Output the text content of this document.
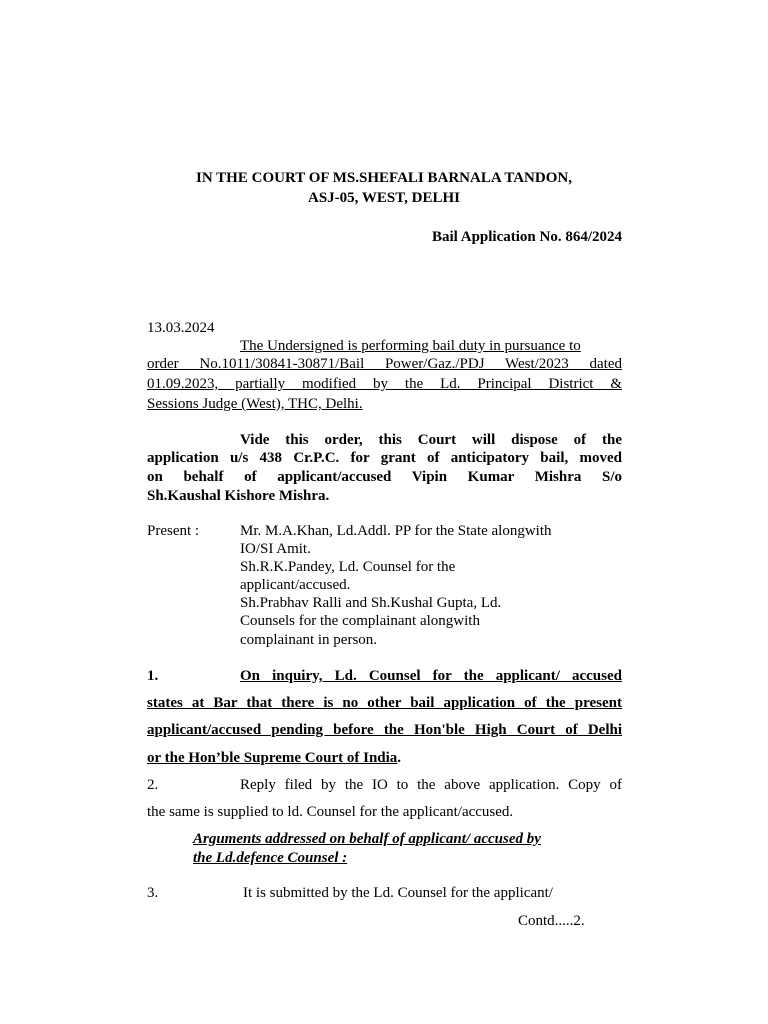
IN THE COURT OF MS.SHEFALI BARNALA TANDON,
ASJ-05, WEST, DELHI
Bail Application No. 864/2024
13.03.2024
The Undersigned is performing bail duty in pursuance to
order No.1011/30841-30871/Bail Power/Gaz./PDJ West/2023 dated
01.09.2023, partially modified by the Ld. Principal District &
Sessions Judge (West), THC, Delhi.
Vide this order, this Court will dispose of the
application u/s 438 Cr.P.C. for grant of anticipatory bail, moved
on behalf of applicant/accused Vipin Kumar Mishra S/o
Sh.Kaushal Kishore Mishra.
Present :	Mr. M.A.Khan, Ld.Addl. PP for the State alongwith
IO/SI Amit.
Sh.R.K.Pandey, Ld. Counsel for the
applicant/accused.
Sh.Prabhav Ralli and Sh.Kushal Gupta, Ld.
Counsels for the complainant alongwith
complainant in person.
1.	On inquiry, Ld. Counsel for the applicant/ accused
states at Bar that there is no other bail application of the present
applicant/accused pending before the Hon'ble High Court of Delhi
or the Hon’ble Supreme Court of India.
2.	Reply filed by the IO to the above application. Copy of
the same is supplied to ld. Counsel for the applicant/accused.
Arguments addressed on behalf of applicant/ accused by
the Ld.defence Counsel :
3.	It is submitted by the Ld. Counsel for the applicant/
Contd.....2.
